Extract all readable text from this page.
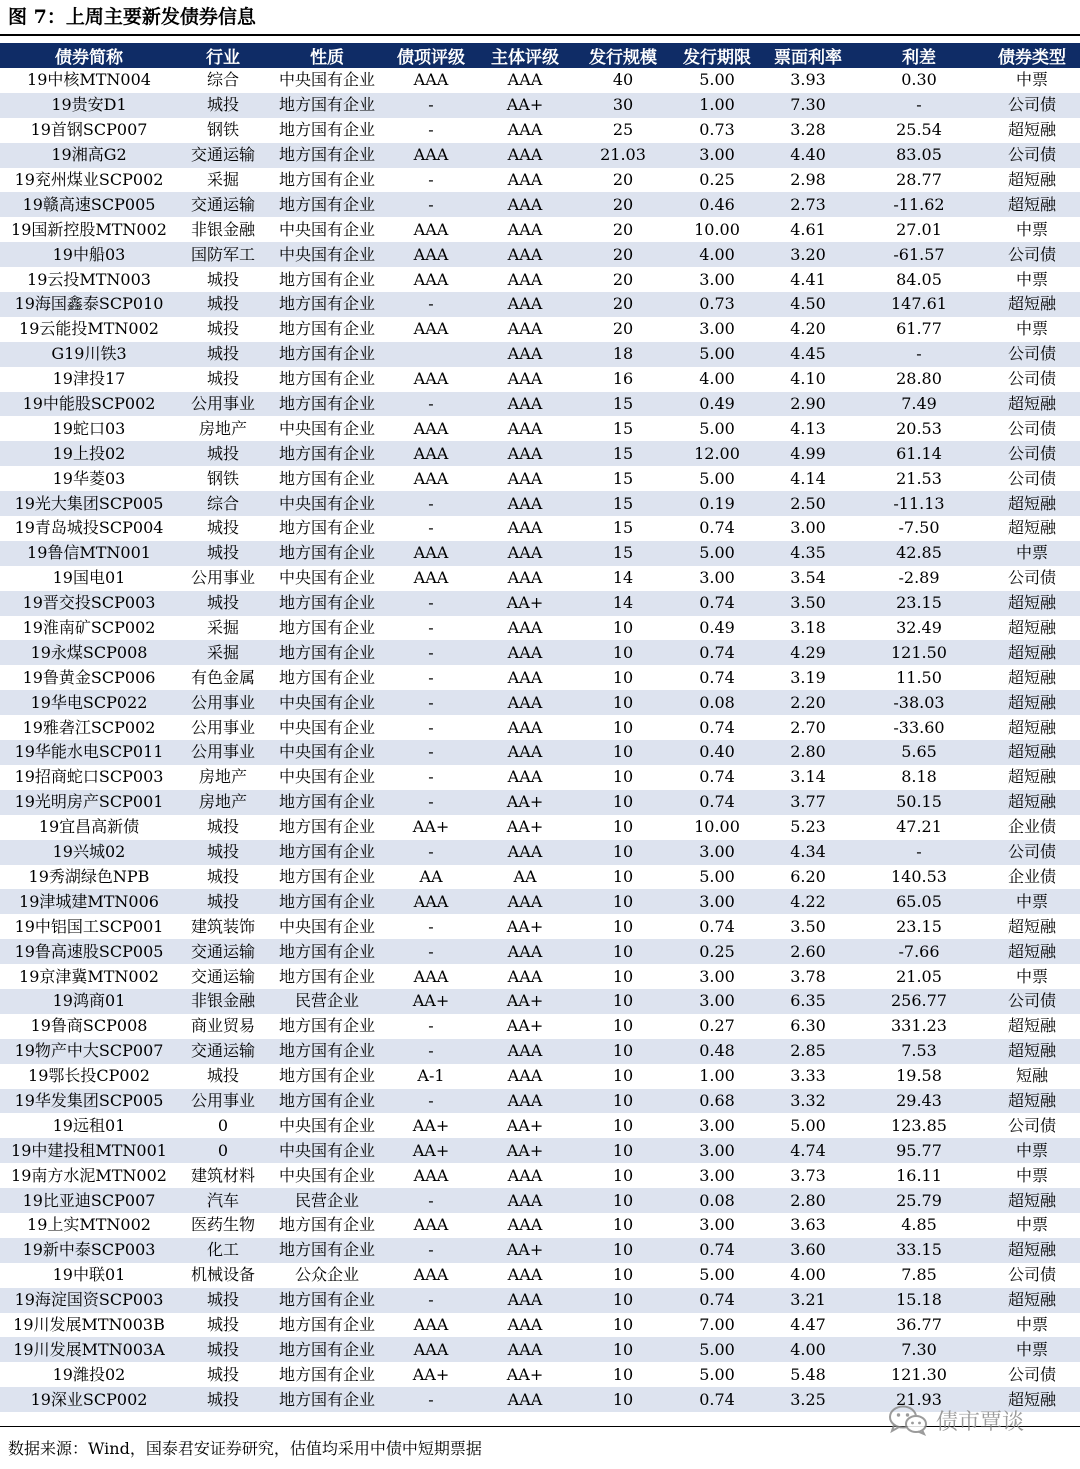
图 7：上周主要新发债券信息
债券简称	行业	性质	债项评级	主体评级	发行规模	发行期限	票面利率	利差	债券类型
19中核MTN004	综合	中央国有企业	AAA	AAA	40	5.00	3.93	0.30	中票
19贵安D1	城投	地方国有企业	-	AA+	30	1.00	7.30	-	公司债
19首钢SCP007	钢铁	地方国有企业	-	AAA	25	0.73	3.28	25.54	超短融
19湘高G2	交通运输	地方国有企业	AAA	AAA	21.03	3.00	4.40	83.05	公司债
19兖州煤业SCP002	采掘	地方国有企业	-	AAA	20	0.25	2.98	28.77	超短融
19赣高速SCP005	交通运输	地方国有企业	-	AAA	20	0.46	2.73	-11.62	超短融
19国新控股MTN002	非银金融	中央国有企业	AAA	AAA	20	10.00	4.61	27.01	中票
19中船03	国防军工	中央国有企业	AAA	AAA	20	4.00	3.20	-61.57	公司债
19云投MTN003	城投	地方国有企业	AAA	AAA	20	3.00	4.41	84.05	中票
19海国鑫泰SCP010	城投	地方国有企业	-	AAA	20	0.73	4.50	147.61	超短融
19云能投MTN002	城投	地方国有企业	AAA	AAA	20	3.00	4.20	61.77	中票
G19川铁3	城投	地方国有企业		AAA	18	5.00	4.45	-	公司债
19津投17	城投	地方国有企业	AAA	AAA	16	4.00	4.10	28.80	公司债
19中能股SCP002	公用事业	地方国有企业	-	AAA	15	0.49	2.90	7.49	超短融
19蛇口03	房地产	中央国有企业	AAA	AAA	15	5.00	4.13	20.53	公司债
19上投02	城投	地方国有企业	AAA	AAA	15	12.00	4.99	61.14	公司债
19华菱03	钢铁	地方国有企业	AAA	AAA	15	5.00	4.14	21.53	公司债
19光大集团SCP005	综合	中央国有企业	-	AAA	15	0.19	2.50	-11.13	超短融
19青岛城投SCP004	城投	地方国有企业	-	AAA	15	0.74	3.00	-7.50	超短融
19鲁信MTN001	城投	地方国有企业	AAA	AAA	15	5.00	4.35	42.85	中票
19国电01	公用事业	中央国有企业	AAA	AAA	14	3.00	3.54	-2.89	公司债
19晋交投SCP003	城投	地方国有企业	-	AA+	14	0.74	3.50	23.15	超短融
19淮南矿SCP002	采掘	地方国有企业	-	AAA	10	0.49	3.18	32.49	超短融
19永煤SCP008	采掘	地方国有企业	-	AAA	10	0.74	4.29	121.50	超短融
19鲁黄金SCP006	有色金属	地方国有企业	-	AAA	10	0.74	3.19	11.50	超短融
19华电SCP022	公用事业	中央国有企业	-	AAA	10	0.08	2.20	-38.03	超短融
19雅砻江SCP002	公用事业	中央国有企业	-	AAA	10	0.74	2.70	-33.60	超短融
19华能水电SCP011	公用事业	中央国有企业	-	AAA	10	0.40	2.80	5.65	超短融
19招商蛇口SCP003	房地产	中央国有企业	-	AAA	10	0.74	3.14	8.18	超短融
19光明房产SCP001	房地产	地方国有企业	-	AA+	10	0.74	3.77	50.15	超短融
19宜昌高新债	城投	地方国有企业	AA+	AA+	10	10.00	5.23	47.21	企业债
19兴城02	城投	地方国有企业	-	AAA	10	3.00	4.34	-	公司债
19秀湖绿色NPB	城投	地方国有企业	AA	AA	10	5.00	6.20	140.53	企业债
19津城建MTN006	城投	地方国有企业	AAA	AAA	10	3.00	4.22	65.05	中票
19中铝国工SCP001	建筑装饰	中央国有企业	-	AA+	10	0.74	3.50	23.15	超短融
19鲁高速股SCP005	交通运输	地方国有企业	-	AAA	10	0.25	2.60	-7.66	超短融
19京津冀MTN002	交通运输	地方国有企业	AAA	AAA	10	3.00	3.78	21.05	中票
19鸿商01	非银金融	民营企业	AA+	AA+	10	3.00	6.35	256.77	公司债
19鲁商SCP008	商业贸易	地方国有企业	-	AA+	10	0.27	6.30	331.23	超短融
19物产中大SCP007	交通运输	地方国有企业	-	AAA	10	0.48	2.85	7.53	超短融
19鄂长投CP002	城投	地方国有企业	A-1	AAA	10	1.00	3.33	19.58	短融
19华发集团SCP005	公用事业	地方国有企业	-	AAA	10	0.68	3.32	29.43	超短融
19远租01	0	中央国有企业	AA+	AA+	10	3.00	5.00	123.85	公司债
19中建投租MTN001	0	中央国有企业	AA+	AA+	10	3.00	4.74	95.77	中票
19南方水泥MTN002	建筑材料	中央国有企业	AAA	AAA	10	3.00	3.73	16.11	中票
19比亚迪SCP007	汽车	民营企业	-	AAA	10	0.08	2.80	25.79	超短融
19上实MTN002	医药生物	地方国有企业	AAA	AAA	10	3.00	3.63	4.85	中票
19新中泰SCP003	化工	地方国有企业	-	AA+	10	0.74	3.60	33.15	超短融
19中联01	机械设备	公众企业	AAA	AAA	10	5.00	4.00	7.85	公司债
19海淀国资SCP003	城投	地方国有企业	-	AAA	10	0.74	3.21	15.18	超短融
19川发展MTN003B	城投	地方国有企业	AAA	AAA	10	7.00	4.47	36.77	中票
19川发展MTN003A	城投	地方国有企业	AAA	AAA	10	5.00	4.00	7.30	中票
19潍投02	城投	地方国有企业	AA+	AA+	10	5.00	5.48	121.30	公司债
19深业SCP002	城投	地方国有企业	-	AAA	10	0.74	3.25	21.93	超短融
数据来源：Wind，国泰君安证券研究，估值均采用中债中短期票据
债市覃谈
